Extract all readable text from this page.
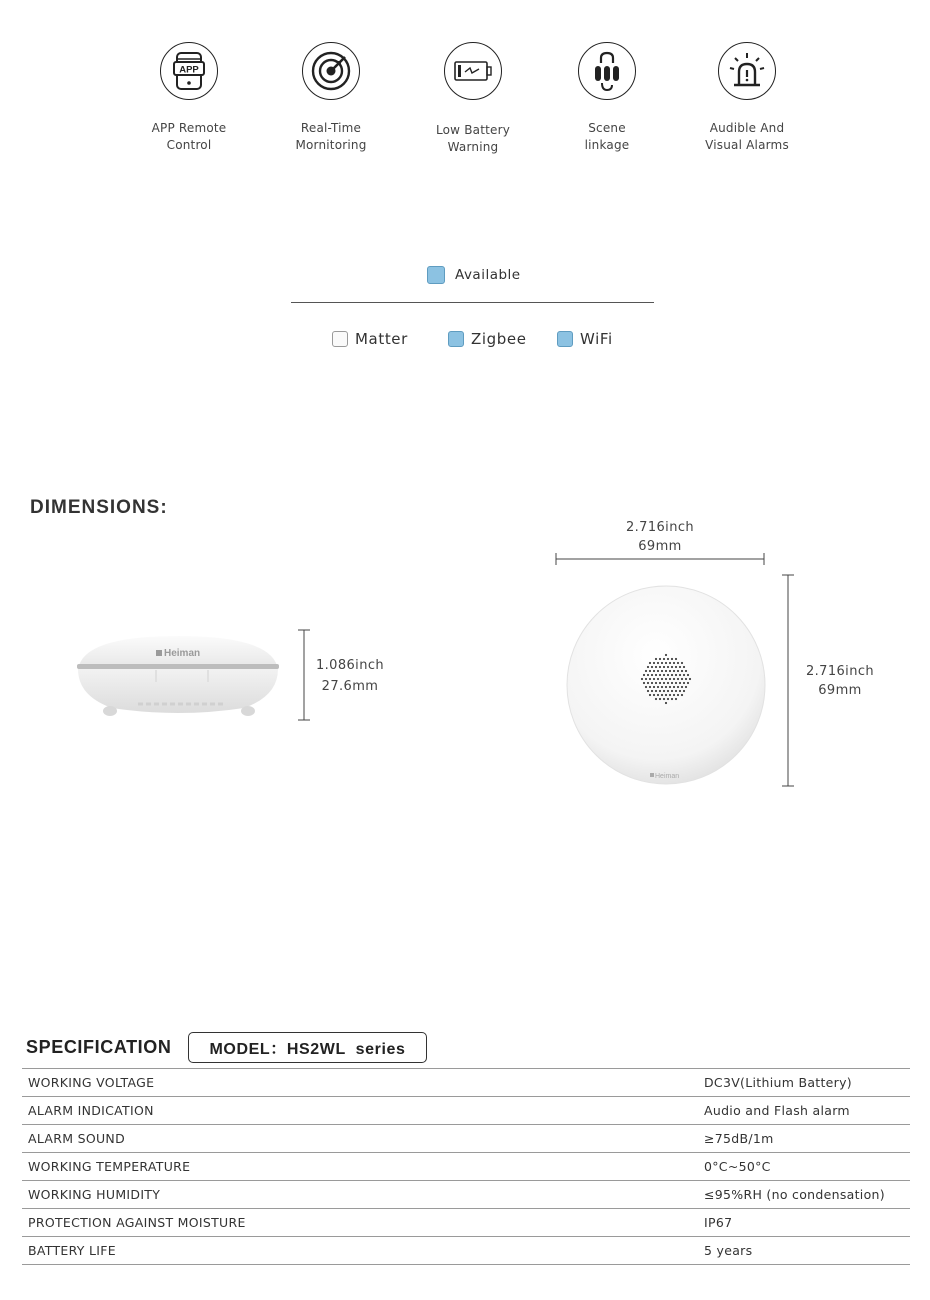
APP
APP Remote
Control
Real-Time
Mornitoring
Low Battery
Warning
Scene
linkage
Audible And
Visual Alarms
Available
Matter	Zigbee	WiFi
DIMENSIONS:
Heiman
1.086inch
27.6mm
2.716inch
69mm
Heiman
2.716inch
69mm
SPECIFICATION MODEL：HS2WL  series
WORKING VOLTAGE	DC3V(Lithium Battery)
ALARM INDICATION	Audio and Flash alarm
ALARM SOUND	≥75dB/1m
WORKING TEMPERATURE	0°C~50°C
WORKING HUMIDITY	≤95%RH (no condensation)
PROTECTION AGAINST MOISTURE	IP67
BATTERY LIFE	5 years
